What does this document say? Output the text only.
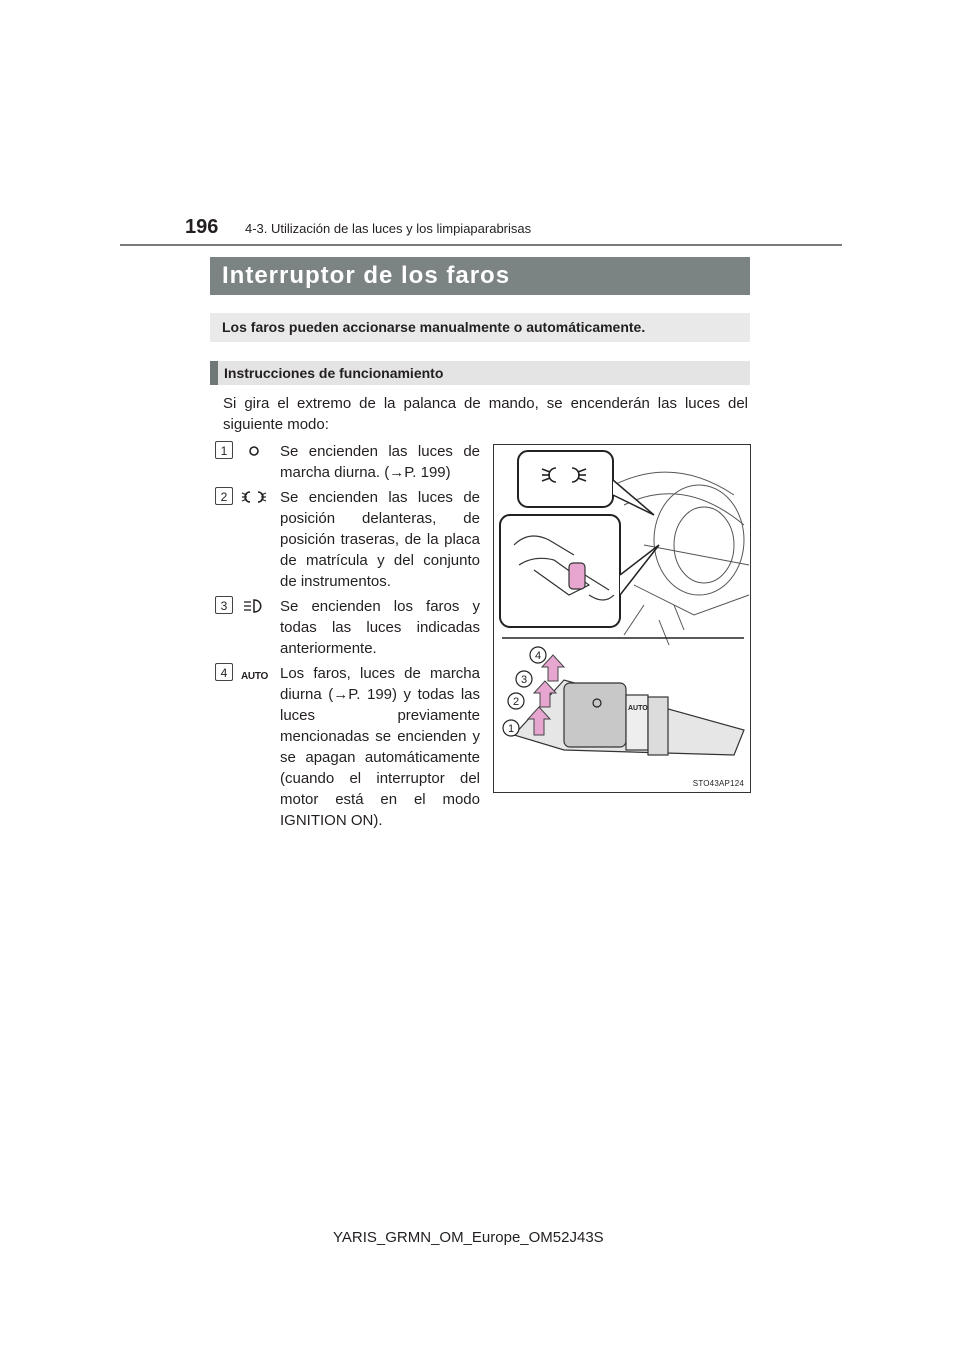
196 4-3. Utilización de las luces y los limpiaparabrisas
Interruptor de los faros
Los faros pueden accionarse manualmente o automáticamente.
Instrucciones de funcionamiento
Si gira el extremo de la palanca de mando, se encenderán las luces del siguiente modo:
1	Se encienden las luces de marcha diurna. (→P. 199)
2	Se encienden las luces de posición delanteras, de posición traseras, de la placa de matrícula y del conjunto de instrumentos.
3	Se encienden los faros y todas las luces indicadas anteriormente.
4	AUTO Los faros, luces de marcha diurna (→P. 199) y todas las luces previamente mencionadas se encienden y se apagan automáticamente (cuando el interruptor del motor está en el modo IGNITION ON).
AUTO
1
2
3
4
STO43AP124
YARIS_GRMN_OM_Europe_OM52J43S
